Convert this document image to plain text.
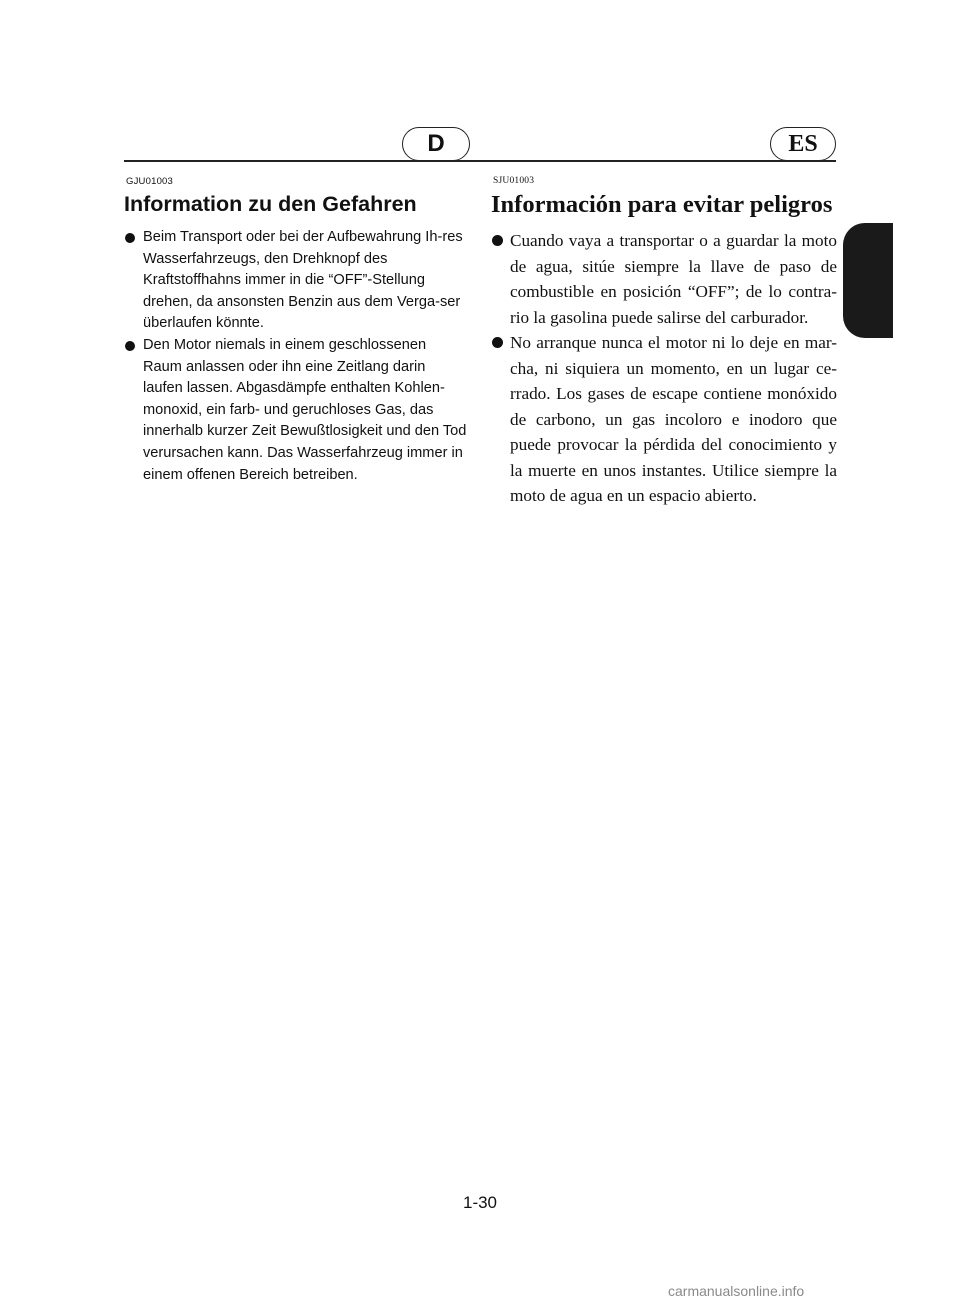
D	ES
GJU01003
Information zu den Gefahren
Beim Transport oder bei der Aufbewahrung Ih-res Wasserfahrzeugs, den Drehknopf des Kraftstoffhahns immer in die “OFF”-Stellung drehen, da ansonsten Benzin aus dem Verga-ser überlaufen könnte.
Den Motor niemals in einem geschlossenen Raum anlassen oder ihn eine Zeitlang darin laufen lassen. Abgasdämpfe enthalten Kohlen-monoxid, ein farb- und geruchloses Gas, das innerhalb kurzer Zeit Bewußtlosigkeit und den Tod verursachen kann. Das Wasserfahrzeug immer in einem offenen Bereich betreiben.
SJU01003
Información para evitar peligros
Cuando vaya a transportar o a guardar la moto de agua, sitúe siempre la llave de paso de combustible en posición “OFF”; de lo contra-rio la gasolina puede salirse del carburador.
No arranque nunca el motor ni lo deje en mar-cha, ni siquiera un momento, en un lugar ce-rrado. Los gases de escape contiene monóxido de carbono, un gas incoloro e inodoro que puede provocar la pérdida del conocimiento y la muerte en unos instantes. Utilice siempre la moto de agua en un espacio abierto.
1-30
carmanualsonline.info
